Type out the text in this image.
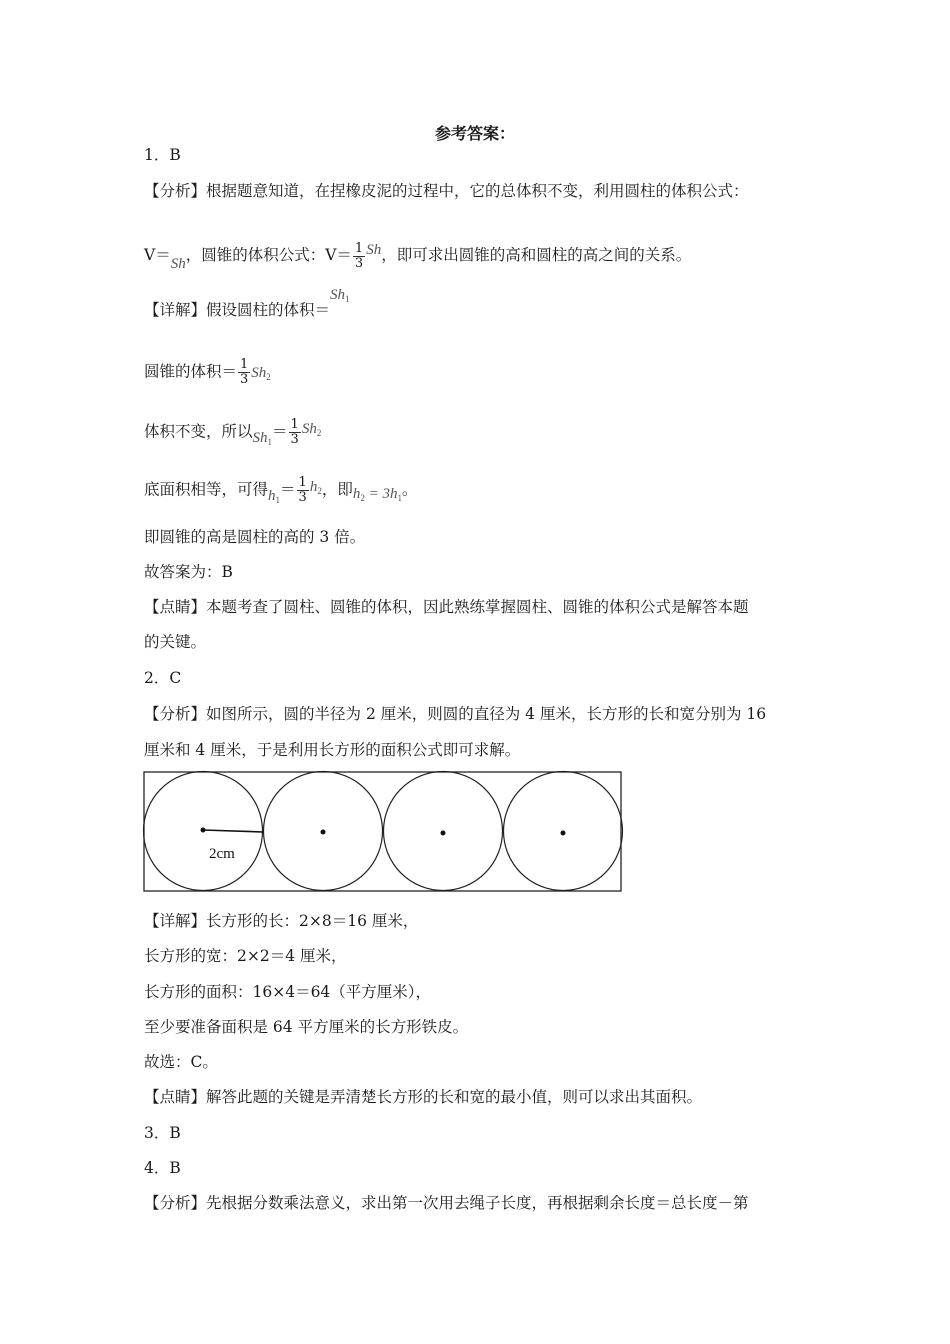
参考答案：
1．B
【分析】根据题意知道，在捏橡皮泥的过程中，它的总体积不变，利用圆柱的体积公式：
V＝Sh，圆锥的体积公式：$V= \frac{1}{3}$ Sh，即可求出圆锥的高和圆柱的高之间的关系。
【详解】假设圆柱的体积$=Sh_1$
圆锥的体积＝ $\frac{1}{3} Sh_2$
体积不变，所以$Sh_1= \frac{1}{3} Sh_2$
底面积相等，可得$h_1= \frac{1}{3} h_2$，即$h_2 = 3h_1$。
即圆锥的高是圆柱的高的 3 倍。
故答案为：B
【点睛】本题考查了圆柱、圆锥的体积，因此熟练掌握圆柱、圆锥的体积公式是解答本题
的关键。
2．C
【分析】如图所示，圆的半径为 2 厘米，则圆的直径为 4 厘米，长方形的长和宽分别为 16
厘米和 4 厘米，于是利用长方形的面积公式即可求解。
2cm
【详解】长方形的长：2×8＝16 厘米，
长方形的宽：2×2＝4 厘米，
长方形的面积：16×4＝64（平方厘米），
至少要准备面积是 64 平方厘米的长方形铁皮。
故选：C。
【点睛】解答此题的关键是弄清楚长方形的长和宽的最小值，则可以求出其面积。
3．B
4．B
【分析】先根据分数乘法意义，求出第一次用去绳子长度，再根据剩余长度＝总长度－第
